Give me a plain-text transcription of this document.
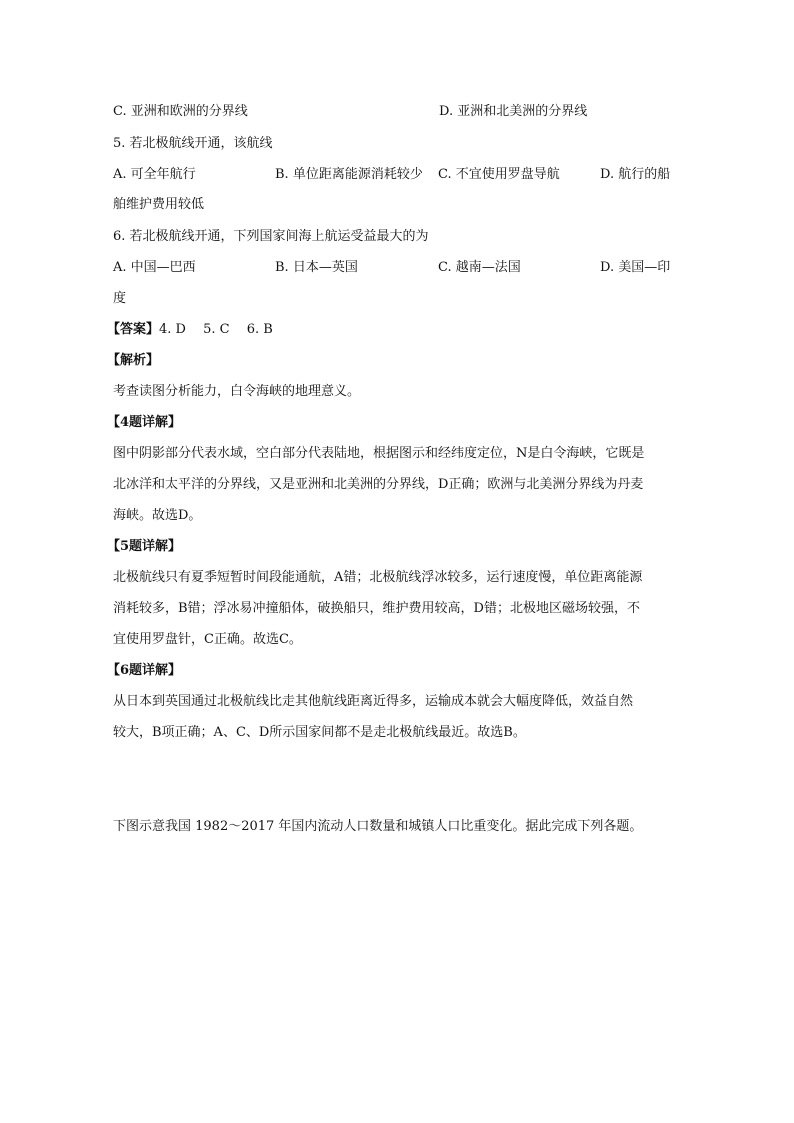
C. 亚洲和欧洲的分界线	D. 亚洲和北美洲的分界线
5. 若北极航线开通，该航线
A. 可全年航行	B. 单位距离能源消耗较少 C. 不宜使用罗盘导航	D. 航行的船
舶维护费用较低
6. 若北极航线开通，下列国家间海上航运受益最大的为
A. 中国—巴西	B. 日本—英国	C. 越南—法国	D. 美国—印
度
【答案】4. D　 5. C　 6. B
【解析】
考查读图分析能力，白令海峡的地理意义。
【4题详解】
图中阴影部分代表水域，空白部分代表陆地，根据图示和经纬度定位，N是白令海峡，它既是
北冰洋和太平洋的分界线，又是亚洲和北美洲的分界线，D正确；欧洲与北美洲分界线为丹麦
海峡。故选D。
【5题详解】
北极航线只有夏季短暂时间段能通航，A错；北极航线浮冰较多，运行速度慢，单位距离能源
消耗较多，B错；浮冰易冲撞船体，破换船只，维护费用较高，D错；北极地区磁场较强，不
宜使用罗盘针，C正确。故选C。
【6题详解】
从日本到英国通过北极航线比走其他航线距离近得多，运输成本就会大幅度降低，效益自然
较大，B项正确；A、C、D所示国家间都不是走北极航线最近。故选B。
下图示意我国 1982～2017 年国内流动人口数量和城镇人口比重变化。据此完成下列各题。
